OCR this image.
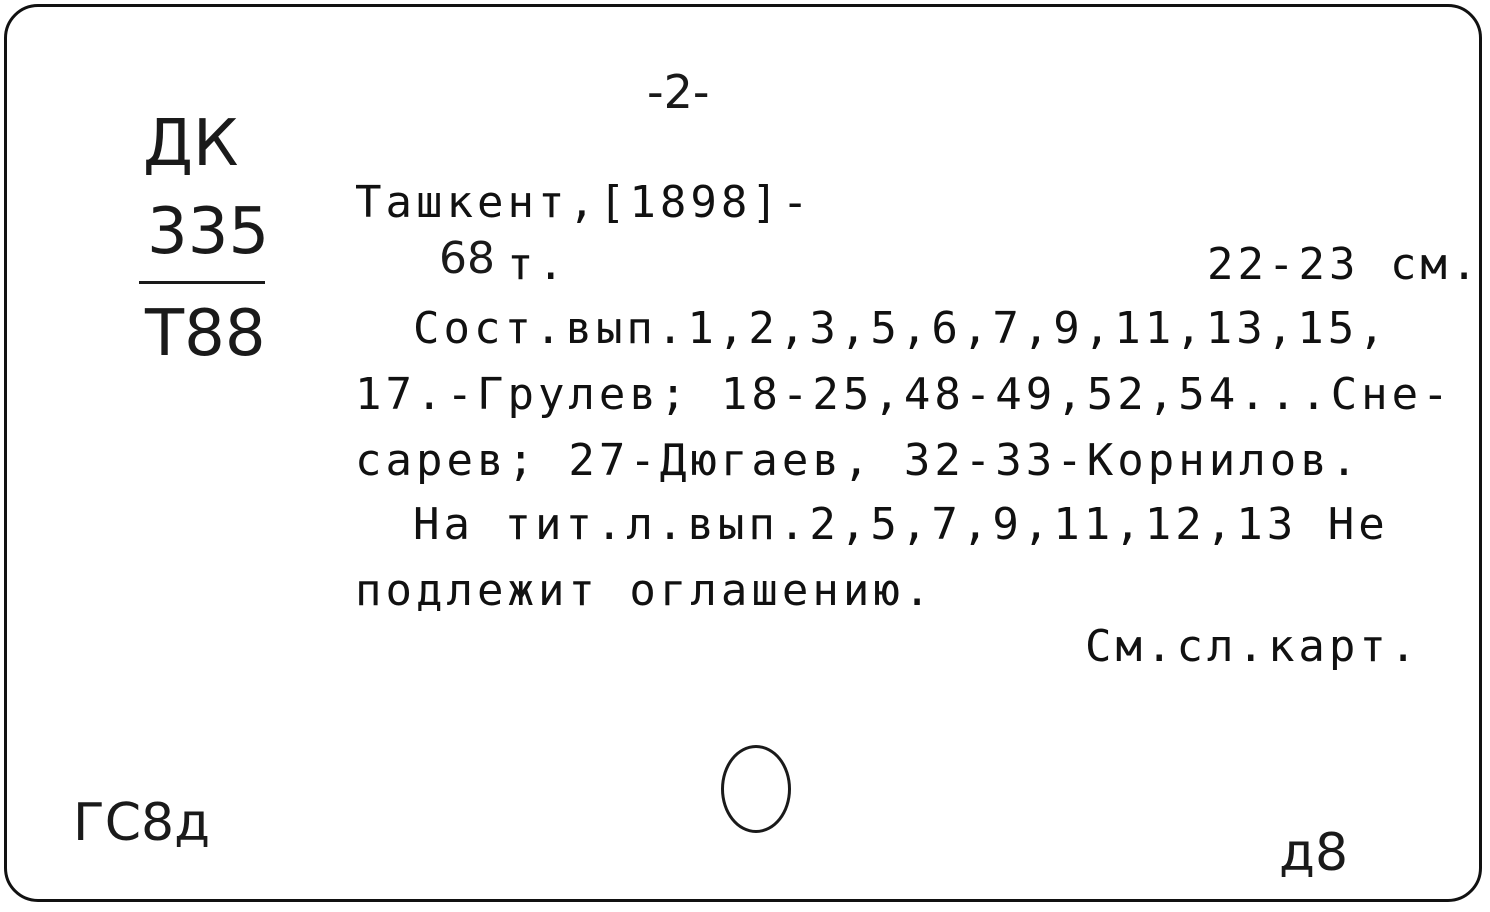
-2-
ДК
335
Т88
Ташкент,[1898]-
68 т.	22-23 см.
Сост.вып.1,2,3,5,6,7,9,11,13,15,
17.-Грулев; 18-25,48-49,52,54...Сне-
сарев; 27-Дюгаев, 32-33-Корнилов.
На тит.л.вып.2,5,7,9,11,12,13 Не
подлежит оглашению.
См.сл.карт.
ГС8д	д8
